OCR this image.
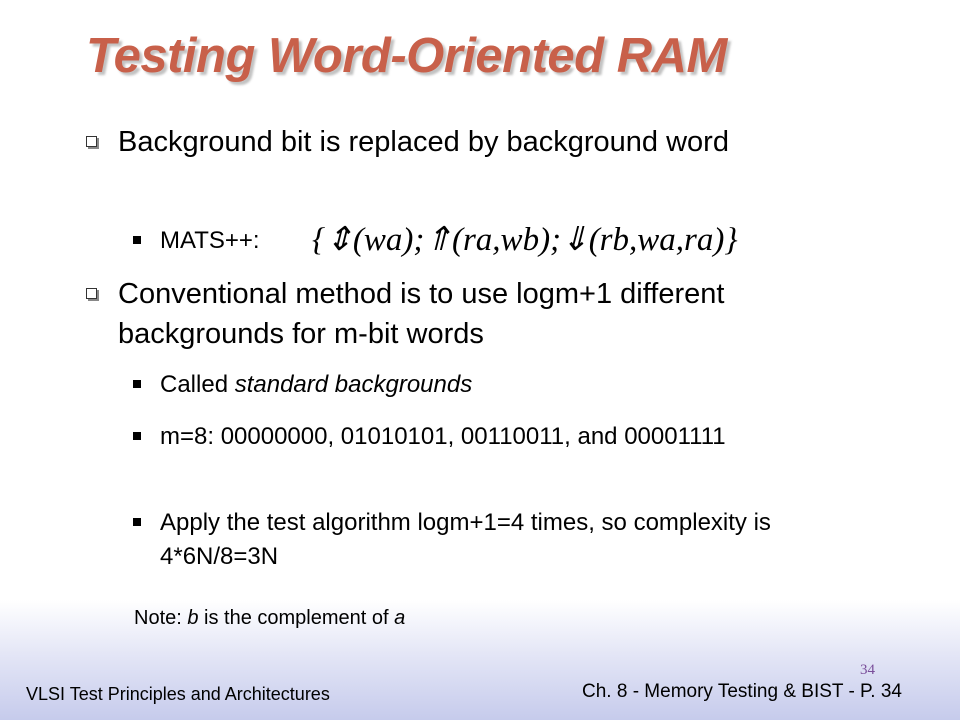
Testing Word-Oriented RAM
Background bit is replaced by background word
MATS++:	{⇕(wa);⇑(ra,wb);⇓(rb,wa,ra)}
Conventional method is to use logm+1 different backgrounds for m-bit words
Called standard backgrounds
m=8: 00000000, 01010101, 00110011, and 00001111
Apply the test algorithm logm+1=4 times, so complexity is 4*6N/8=3N
Note: b is the complement of a
34
VLSI Test Principles and Architectures	Ch. 8 - Memory Testing & BIST - P. 34
